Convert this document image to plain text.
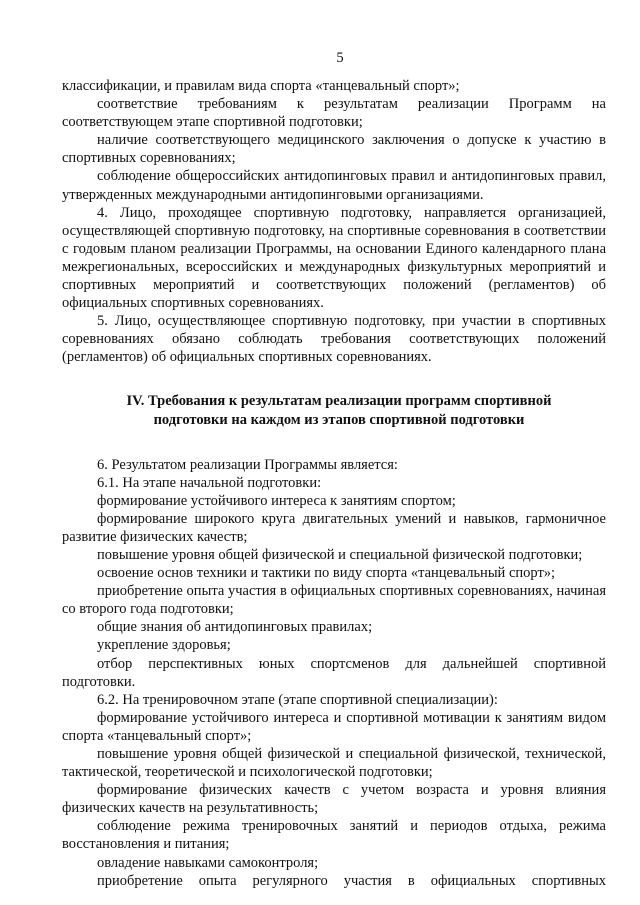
5

классификации, и правилам вида спорта «танцевальный спорт»;

соответствие требованиям к результатам реализации Программ на соответствующем этапе спортивной подготовки;

наличие соответствующего медицинского заключения о допуске к участию в спортивных соревнованиях;

соблюдение общероссийских антидопинговых правил и антидопинговых правил, утвержденных международными антидопинговыми организациями.

4. Лицо, проходящее спортивную подготовку, направляется организацией, осуществляющей спортивную подготовку, на спортивные соревнования в соответствии с годовым планом реализации Программы, на основании Единого календарного плана межрегиональных, всероссийских и международных физкультурных мероприятий и спортивных мероприятий и соответствующих положений (регламентов) об официальных спортивных соревнованиях.

5. Лицо, осуществляющее спортивную подготовку, при участии в спортивных соревнованиях обязано соблюдать требования соответствующих положений (регламентов) об официальных спортивных соревнованиях.

IV. Требования к результатам реализации программ спортивной
подготовки на каждом из этапов спортивной подготовки

6. Результатом реализации Программы является:

6.1. На этапе начальной подготовки:

формирование устойчивого интереса к занятиям спортом;

формирование широкого круга двигательных умений и навыков, гармоничное развитие физических качеств;

повышение уровня общей физической и специальной физической подготовки;

освоение основ техники и тактики по виду спорта «танцевальный спорт»;

приобретение опыта участия в официальных спортивных соревнованиях, начиная со второго года подготовки;

общие знания об антидопинговых правилах;

укрепление здоровья;

отбор перспективных юных спортсменов для дальнейшей спортивной подготовки.

6.2. На тренировочном этапе (этапе спортивной специализации):

формирование устойчивого интереса и спортивной мотивации к занятиям видом спорта «танцевальный спорт»;

повышение уровня общей физической и специальной физической, технической, тактической, теоретической и психологической подготовки;

формирование физических качеств с учетом возраста и уровня влияния физических качеств на результативность;

соблюдение режима тренировочных занятий и периодов отдыха, режима восстановления и питания;

овладение навыками самоконтроля;

приобретение опыта регулярного участия в официальных спортивных
